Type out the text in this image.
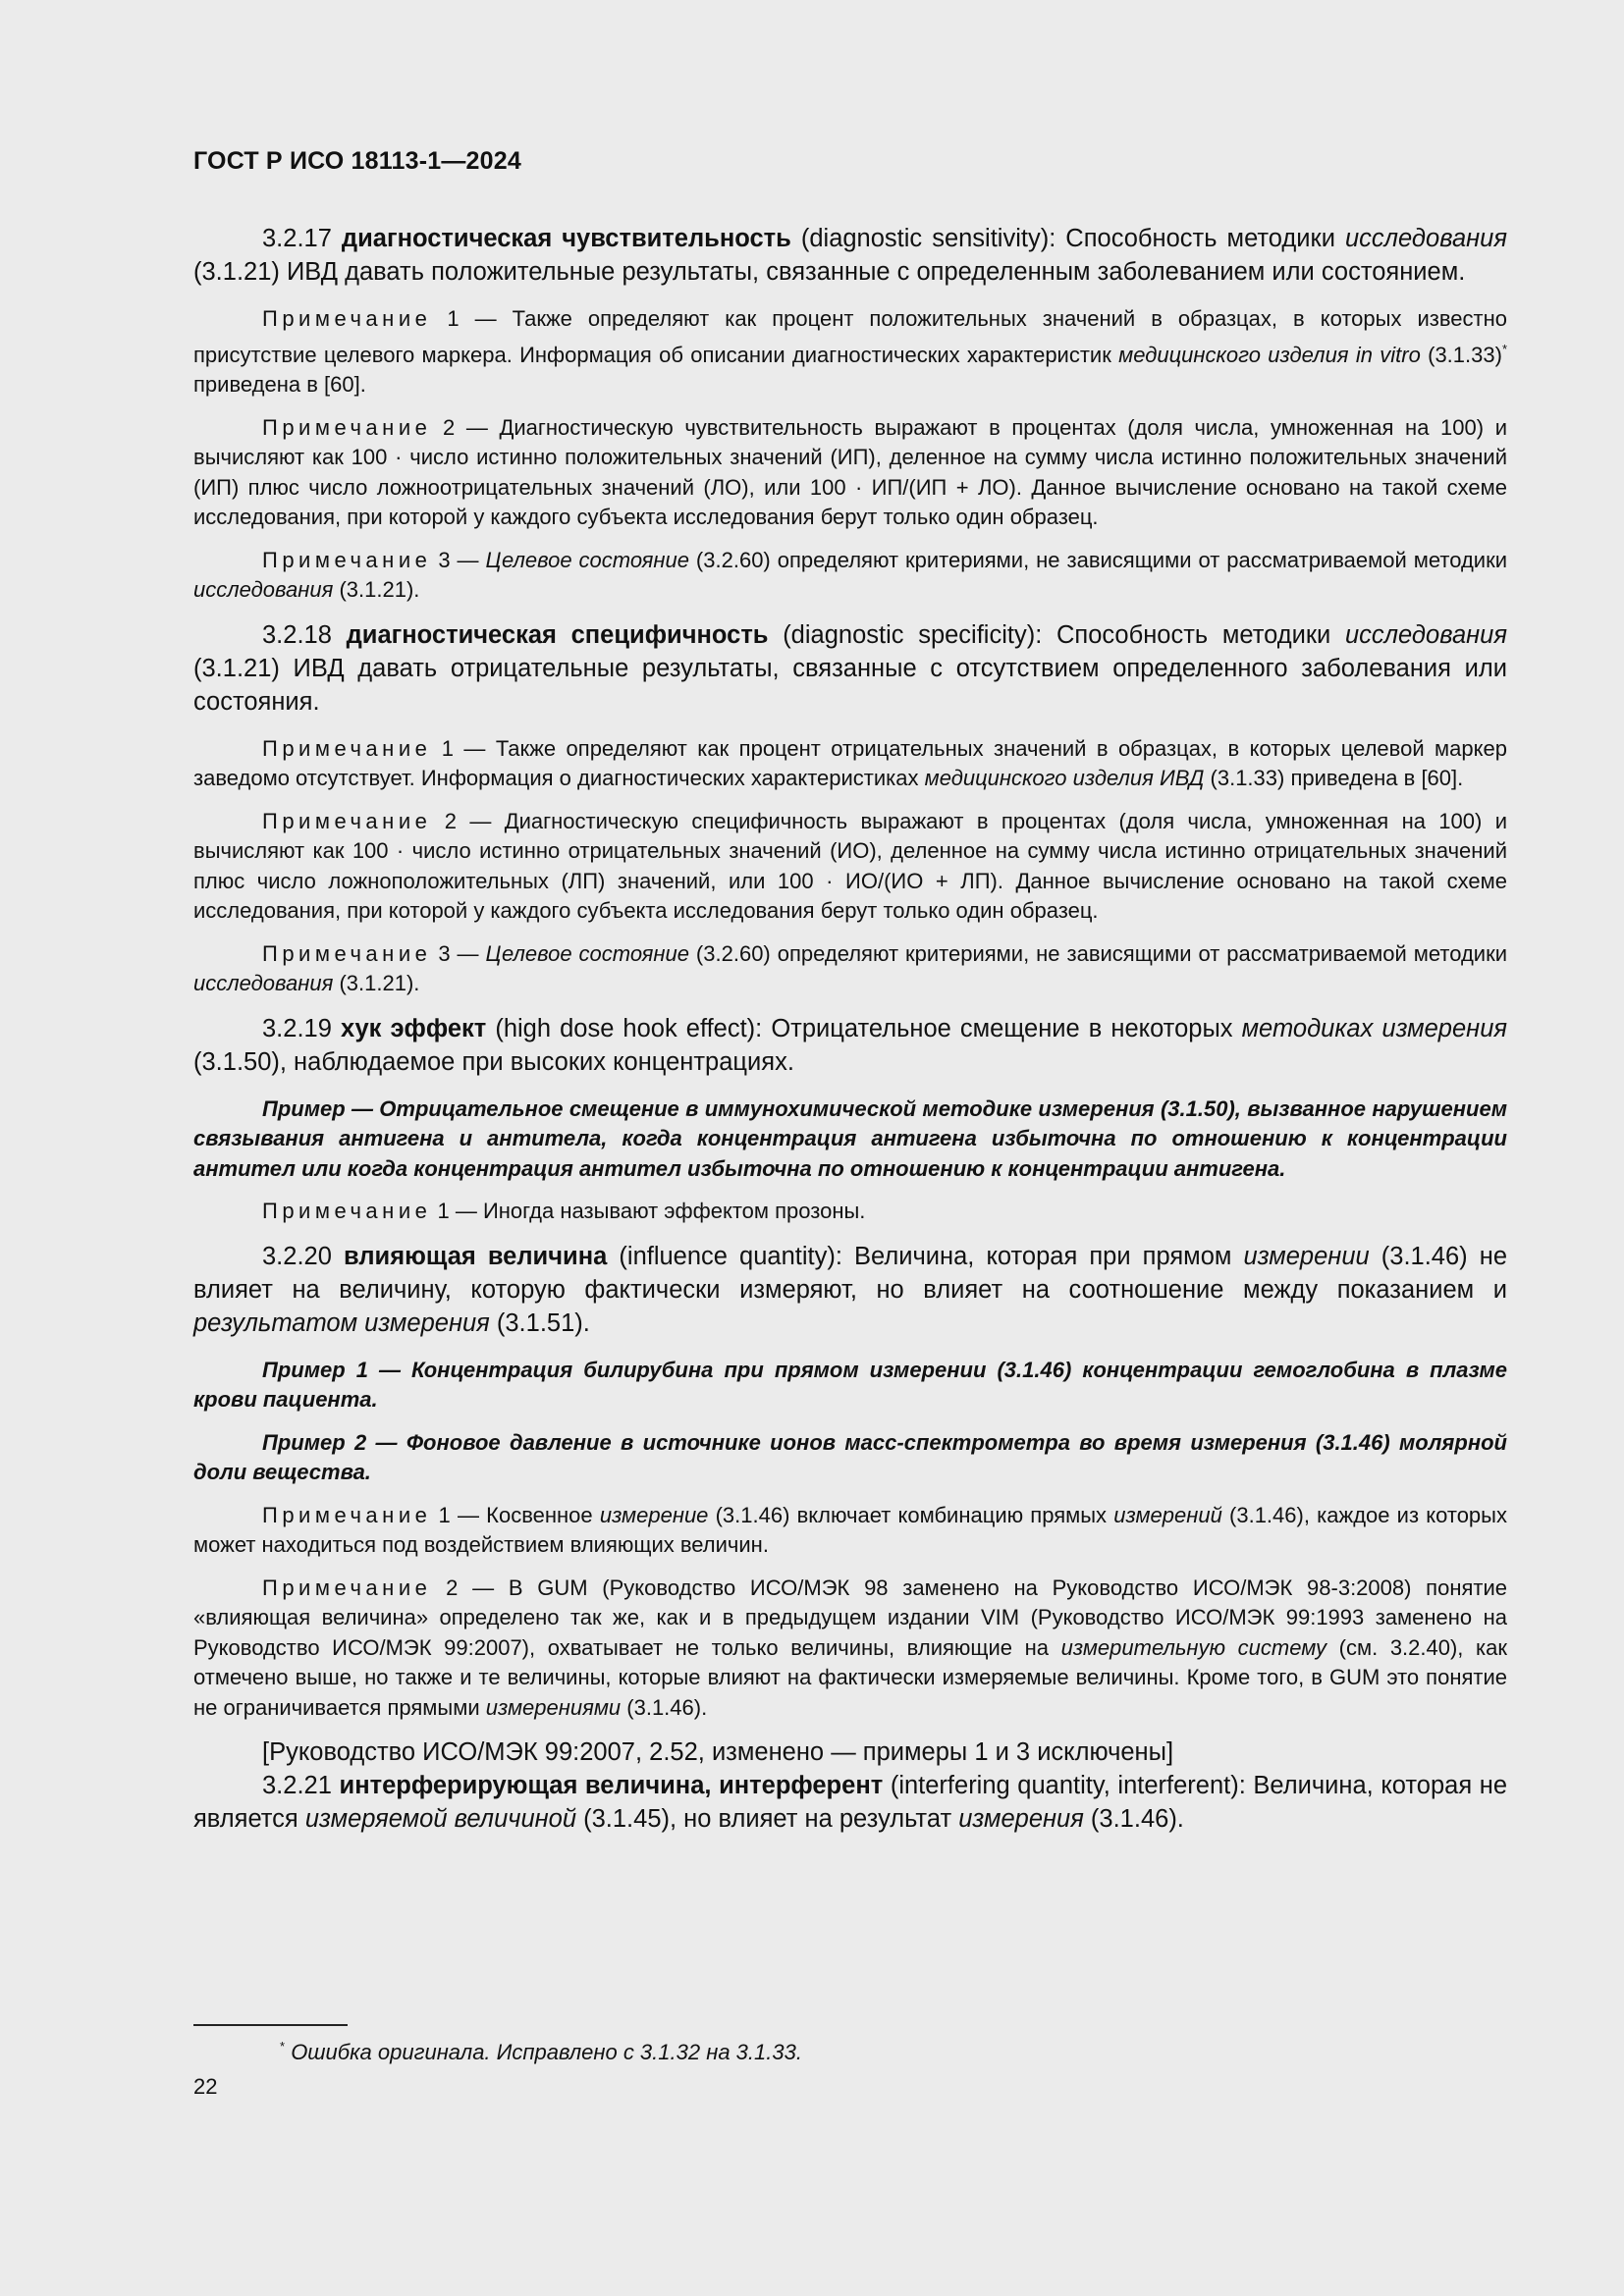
ГОСТ Р ИСО 18113-1—2024

3.2.17 диагностическая чувствительность (diagnostic sensitivity): Способность методики исследования (3.1.21) ИВД давать положительные результаты, связанные с определенным заболеванием или состоянием.

Примечание 1 — Также определяют как процент положительных значений в образцах, в которых известно присутствие целевого маркера. Информация об описании диагностических характеристик медицинского изделия in vitro (3.1.33)* приведена в [60].

Примечание 2 — Диагностическую чувствительность выражают в процентах (доля числа, умноженная на 100) и вычисляют как 100 · число истинно положительных значений (ИП), деленное на сумму числа истинно положительных значений (ИП) плюс число ложноотрицательных значений (ЛО), или 100 · ИП/(ИП + ЛО). Данное вычисление основано на такой схеме исследования, при которой у каждого субъекта исследования берут только один образец.

Примечание 3 — Целевое состояние (3.2.60) определяют критериями, не зависящими от рассматриваемой методики исследования (3.1.21).

3.2.18 диагностическая специфичность (diagnostic specificity): Способность методики исследования (3.1.21) ИВД давать отрицательные результаты, связанные с отсутствием определенного заболевания или состояния.

Примечание 1 — Также определяют как процент отрицательных значений в образцах, в которых целевой маркер заведомо отсутствует. Информация о диагностических характеристиках медицинского изделия ИВД (3.1.33) приведена в [60].

Примечание 2 — Диагностическую специфичность выражают в процентах (доля числа, умноженная на 100) и вычисляют как 100 · число истинно отрицательных значений (ИО), деленное на сумму числа истинно отрицательных значений плюс число ложноположительных (ЛП) значений, или 100 · ИО/(ИО + ЛП). Данное вычисление основано на такой схеме исследования, при которой у каждого субъекта исследования берут только один образец.

Примечание 3 — Целевое состояние (3.2.60) определяют критериями, не зависящими от рассматриваемой методики исследования (3.1.21).

3.2.19 хук эффект (high dose hook effect): Отрицательное смещение в некоторых методиках измерения (3.1.50), наблюдаемое при высоких концентрациях.

Пример — Отрицательное смещение в иммунохимической методике измерения (3.1.50), вызванное нарушением связывания антигена и антитела, когда концентрация антигена избыточна по отношению к концентрации антител или когда концентрация антител избыточна по отношению к концентрации антигена.

Примечание 1 — Иногда называют эффектом прозоны.

3.2.20 влияющая величина (influence quantity): Величина, которая при прямом измерении (3.1.46) не влияет на величину, которую фактически измеряют, но влияет на соотношение между показанием и результатом измерения (3.1.51).

Пример 1 — Концентрация билирубина при прямом измерении (3.1.46) концентрации гемоглобина в плазме крови пациента.

Пример 2 — Фоновое давление в источнике ионов масс-спектрометра во время измерения (3.1.46) молярной доли вещества.

Примечание 1 — Косвенное измерение (3.1.46) включает комбинацию прямых измерений (3.1.46), каждое из которых может находиться под воздействием влияющих величин.

Примечание 2 — В GUM (Руководство ИСО/МЭК 98 заменено на Руководство ИСО/МЭК 98-3:2008) понятие «влияющая величина» определено так же, как и в предыдущем издании VIM (Руководство ИСО/МЭК 99:1993 заменено на Руководство ИСО/МЭК 99:2007), охватывает не только величины, влияющие на измерительную систему (см. 3.2.40), как отмечено выше, но также и те величины, которые влияют на фактически измеряемые величины. Кроме того, в GUM это понятие не ограничивается прямыми измерениями (3.1.46).

[Руководство ИСО/МЭК 99:2007, 2.52, изменено — примеры 1 и 3 исключены]

3.2.21 интерферирующая величина, интерферент (interfering quantity, interferent): Величина, которая не является измеряемой величиной (3.1.45), но влияет на результат измерения (3.1.46).

* Ошибка оригинала. Исправлено с 3.1.32 на 3.1.33.
22
